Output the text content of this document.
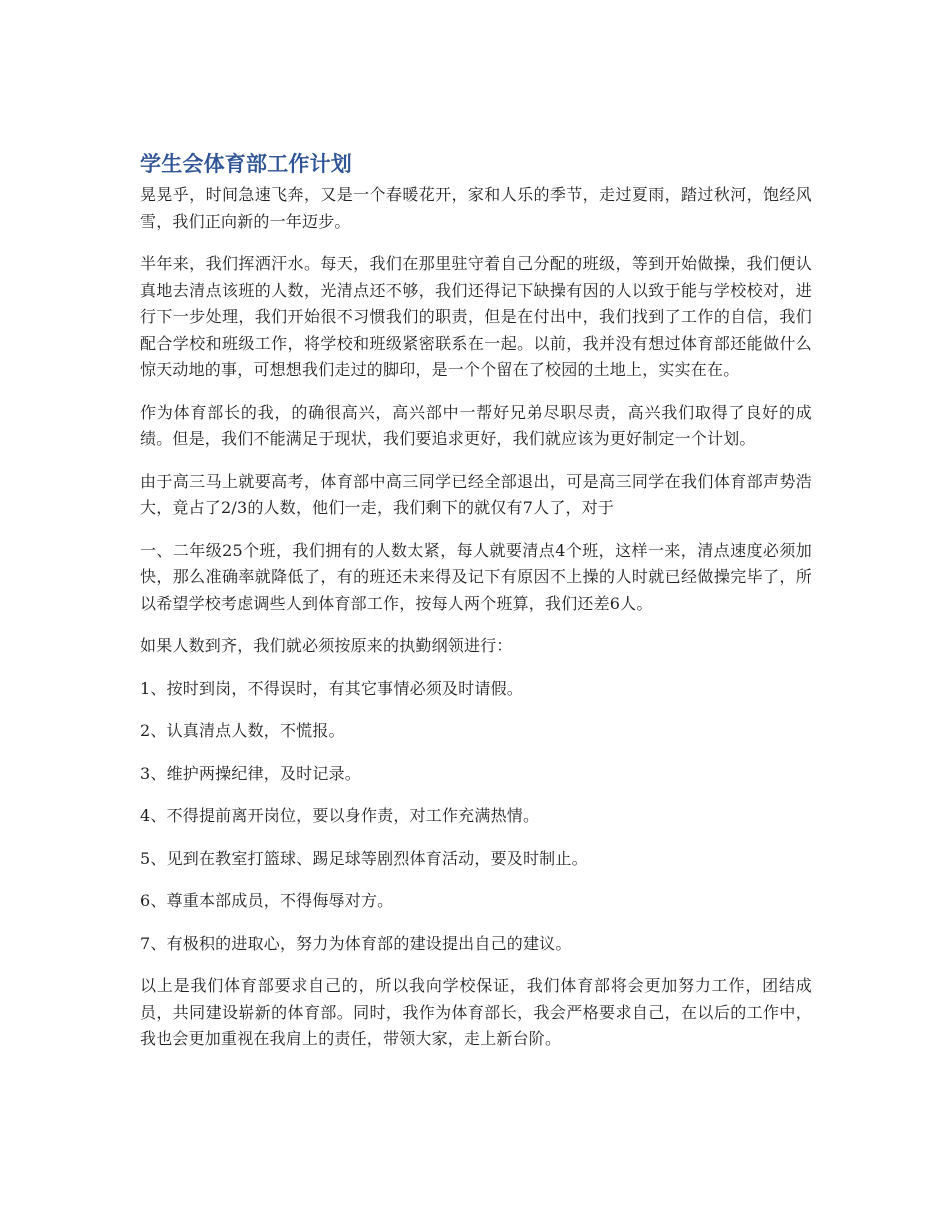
学生会体育部工作计划

晃晃乎，时间急速飞奔，又是一个春暖花开，家和人乐的季节，走过夏雨，踏过秋河，饱经风雪，我们正向新的一年迈步。

半年来，我们挥洒汗水。每天，我们在那里驻守着自己分配的班级，等到开始做操，我们便认真地去清点该班的人数，光清点还不够，我们还得记下缺操有因的人以致于能与学校校对，进行下一步处理，我们开始很不习惯我们的职责，但是在付出中，我们找到了工作的自信，我们配合学校和班级工作，将学校和班级紧密联系在一起。以前，我并没有想过体育部还能做什么惊天动地的事，可想想我们走过的脚印，是一个个留在了校园的土地上，实实在在。

作为体育部长的我，的确很高兴，高兴部中一帮好兄弟尽职尽责，高兴我们取得了良好的成绩。但是，我们不能满足于现状，我们要追求更好，我们就应该为更好制定一个计划。

由于高三马上就要高考，体育部中高三同学已经全部退出，可是高三同学在我们体育部声势浩大，竟占了2/3的人数，他们一走，我们剩下的就仅有7人了，对于

一、二年级25个班，我们拥有的人数太紧，每人就要清点4个班，这样一来，清点速度必须加快，那么准确率就降低了，有的班还未来得及记下有原因不上操的人时就已经做操完毕了，所以希望学校考虑调些人到体育部工作，按每人两个班算，我们还差6人。

如果人数到齐，我们就必须按原来的执勤纲领进行：

1、按时到岗，不得误时，有其它事情必须及时请假。

2、认真清点人数，不慌报。

3、维护两操纪律，及时记录。

4、不得提前离开岗位，要以身作责，对工作充满热情。

5、见到在教室打篮球、踢足球等剧烈体育活动，要及时制止。

6、尊重本部成员，不得侮辱对方。

7、有极积的进取心，努力为体育部的建设提出自己的建议。

以上是我们体育部要求自己的，所以我向学校保证，我们体育部将会更加努力工作，团结成员，共同建设崭新的体育部。同时，我作为体育部长，我会严格要求自己，在以后的工作中，我也会更加重视在我肩上的责任，带领大家，走上新台阶。
